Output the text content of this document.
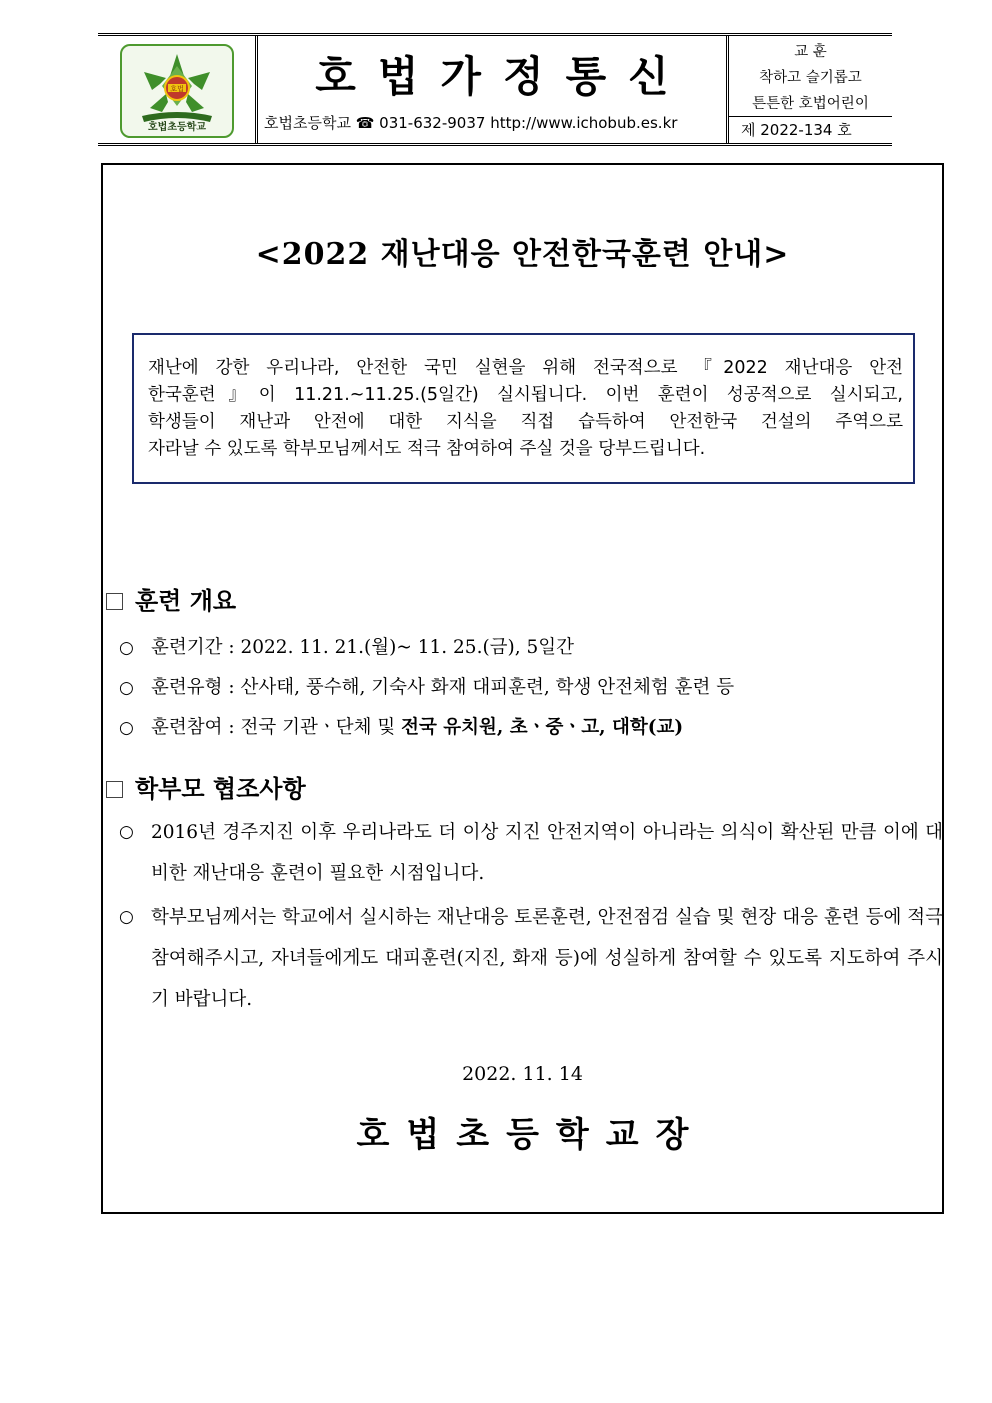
호법
호법초등학교
호법가정통신
호법초등학교 ☎ 031-632-9037 http://www.ichobub.es.kr
교 훈
착하고 슬기롭고
튼튼한 호법어린이
제 2022-134 호
<2022 재난대응 안전한국훈련 안내>
재난에 강한 우리나라, 안전한 국민 실현을 위해 전국적으로 『2022 재난대응 안전
한국훈련』이 11.21.~11.25.(5일간) 실시됩니다. 이번 훈련이 성공적으로 실시되고,
학생들이 재난과 안전에 대한 지식을 직접 습득하여 안전한국 건설의 주역으로
자라날 수 있도록 학부모님께서도 적극 참여하여 주실 것을 당부드립니다.
훈련 개요
○ 훈련기간 : 2022. 11. 21.(월)~ 11. 25.(금), 5일간
○ 훈련유형 : 산사태, 풍수해, 기숙사 화재 대피훈련, 학생 안전체험 훈련 등
○ 훈련참여 : 전국 기관ㆍ단체 및 전국 유치원, 초ㆍ중ㆍ고, 대학(교)
학부모 협조사항
○ 2016년 경주지진 이후 우리나라도 더 이상 지진 안전지역이 아니라는 의식이 확산된 만큼 이에 대비한 재난대응 훈련이 필요한 시점입니다.
○ 학부모님께서는 학교에서 실시하는 재난대응 토론훈련, 안전점검 실습 및 현장 대응 훈련 등에 적극 참여해주시고, 자녀들에게도 대피훈련(지진, 화재 등)에 성실하게 참여할 수 있도록 지도하여 주시기 바랍니다.
2022. 11. 14
호법초등학교장
